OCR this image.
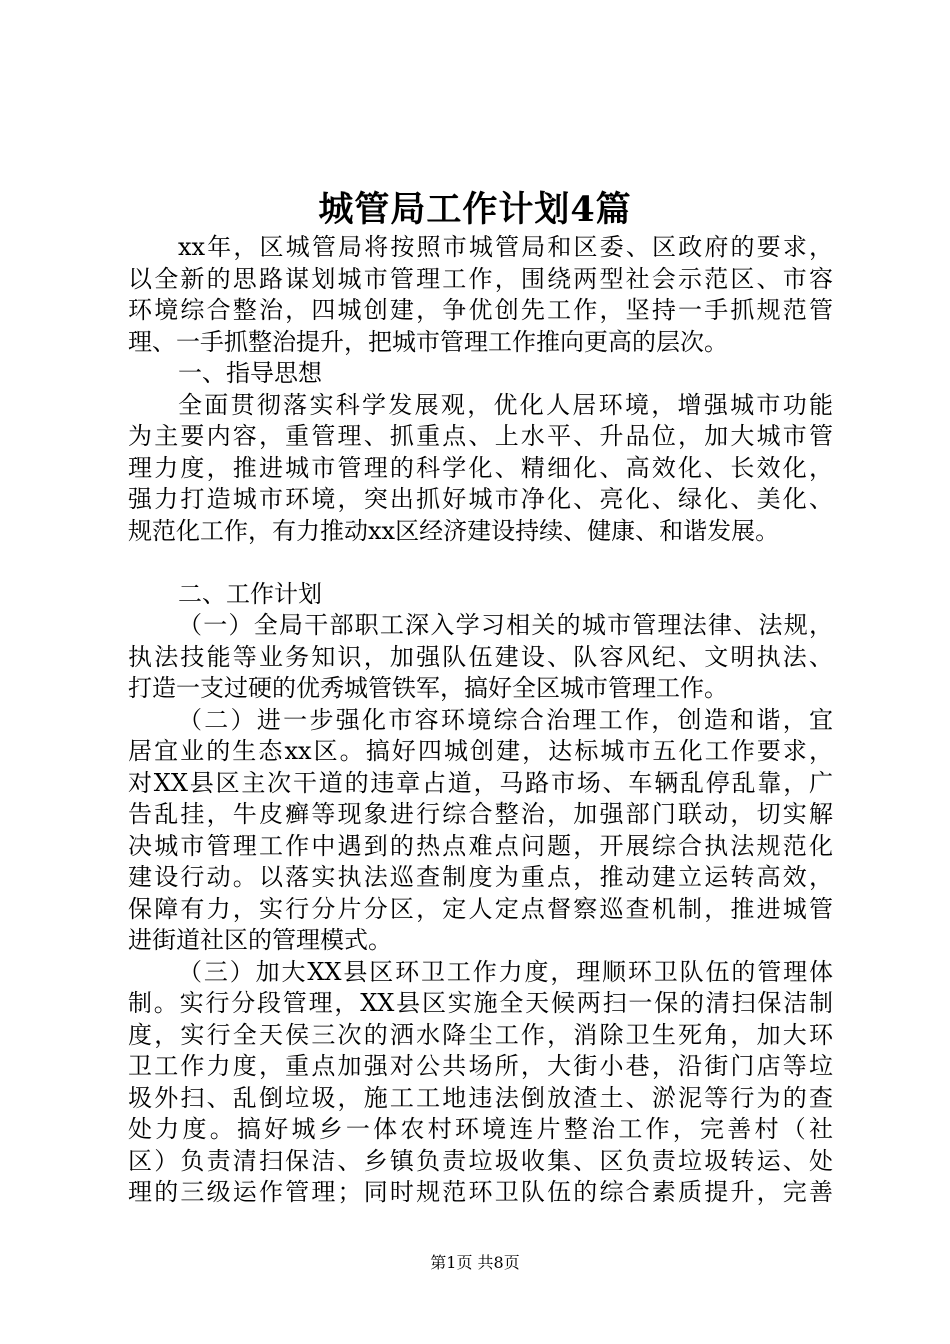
城管局工作计划4篇
xx年，区城管局将按照市城管局和区委、区政府的要求，
以全新的思路谋划城市管理工作，围绕两型社会示范区、市容
环境综合整治，四城创建，争优创先工作，坚持一手抓规范管
理、一手抓整治提升，把城市管理工作推向更高的层次。
一、指导思想
全面贯彻落实科学发展观，优化人居环境，增强城市功能
为主要内容，重管理、抓重点、上水平、升品位，加大城市管
理力度，推进城市管理的科学化、精细化、高效化、长效化，
强力打造城市环境，突出抓好城市净化、亮化、绿化、美化、
规范化工作，有力推动xx区经济建设持续、健康、和谐发展。
二、工作计划
（一）全局干部职工深入学习相关的城市管理法律、法规，
执法技能等业务知识，加强队伍建设、队容风纪、文明执法、
打造一支过硬的优秀城管铁军，搞好全区城市管理工作。
（二）进一步强化市容环境综合治理工作，创造和谐，宜
居宜业的生态xx区。搞好四城创建，达标城市五化工作要求，
对XX县区主次干道的违章占道，马路市场、车辆乱停乱靠，广
告乱挂，牛皮癣等现象进行综合整治，加强部门联动，切实解
决城市管理工作中遇到的热点难点问题，开展综合执法规范化
建设行动。以落实执法巡查制度为重点，推动建立运转高效，
保障有力，实行分片分区，定人定点督察巡查机制，推进城管
进街道社区的管理模式。
（三）加大XX县区环卫工作力度，理顺环卫队伍的管理体
制。实行分段管理，XX县区实施全天候两扫一保的清扫保洁制
度，实行全天侯三次的洒水降尘工作，消除卫生死角，加大环
卫工作力度，重点加强对公共场所，大街小巷，沿街门店等垃
圾外扫、乱倒垃圾，施工工地违法倒放渣土、淤泥等行为的查
处力度。搞好城乡一体农村环境连片整治工作，完善村（社
区）负责清扫保洁、乡镇负责垃圾收集、区负责垃圾转运、处
理的三级运作管理；同时规范环卫队伍的综合素质提升，完善
第1页 共8页
